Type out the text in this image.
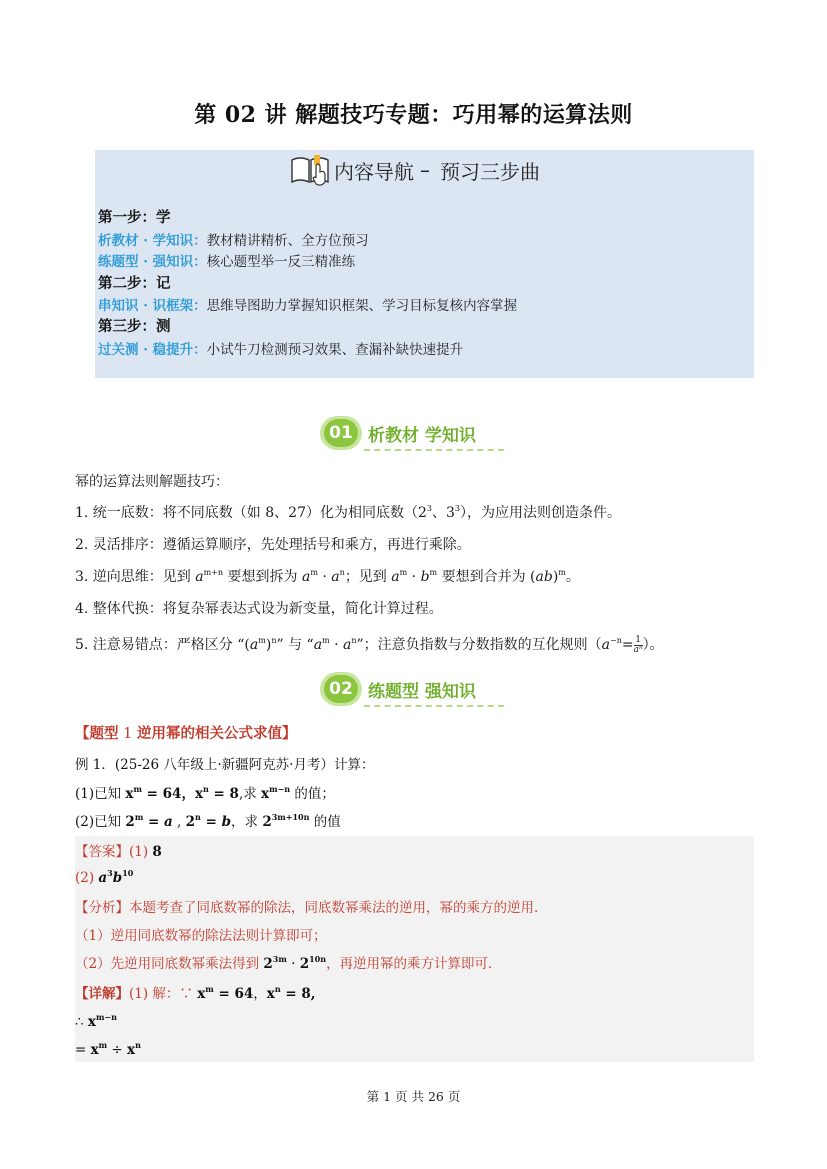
第 02 讲 解题技巧专题：巧用幂的运算法则
内容导航 – 预习三步曲
第一步：学
析教材 · 学知识：教材精讲精析、全方位预习
练题型 · 强知识：核心题型举一反三精准练
第二步：记
串知识 · 识框架：思维导图助力掌握知识框架、学习目标复核内容掌握
第三步：测
过关测 · 稳提升：小试牛刀检测预习效果、查漏补缺快速提升
01 析教材 学知识
幂的运算法则解题技巧：
1. 统一底数：将不同底数（如 8、27）化为相同底数（$2^3$、$3^3$），为应用法则创造条件。
2. 灵活排序：遵循运算顺序，先处理括号和乘方，再进行乘除。
3. 逆向思维：见到 $a^{m+n}$ 要想到拆为 $a^m \cdot a^n$；见到 $a^m \cdot b^m$ 要想到合并为 (ab)$^m$。
4. 整体代换：将复杂幂表达式设为新变量，简化计算过程。
5. 注意易错点：严格区分 “$(a^m)^n$” 与 “$a^m \cdot a^n$”；注意负指数与分数指数的互化规则（$a^{-n}= \frac{1}{\text{aⁿ}}$ ）。
02 练题型 强知识
【题型 1 逆用幂的相关公式求值】
例 1．(25-26 八年级上·新疆阿克苏·月考）计算：
(1)已知 $x^m = 64$，$x^n = 8$,求 $x^{m-n}$ 的值；
(2)已知 $2^m = a$ , $2^n = b$，求 $2^{3m+10n}$ 的值
【答案】(1) 8
(2) $a^3b^{10}$
【分析】本题考查了同底数幂的除法，同底数幂乘法的逆用，幂的乘方的逆用．
（1）逆用同底数幂的除法法则计算即可；
（2）先逆用同底数幂乘法得到 $2^{3m} \cdot 2^{10n}$，再逆用幂的乘方计算即可．
【详解】(1) 解：∵ $x^m = 64$，$x^n = 8$,
∴ $x^{m-n}$
= $x^m \div x^n$
第 1 页 共 26 页
